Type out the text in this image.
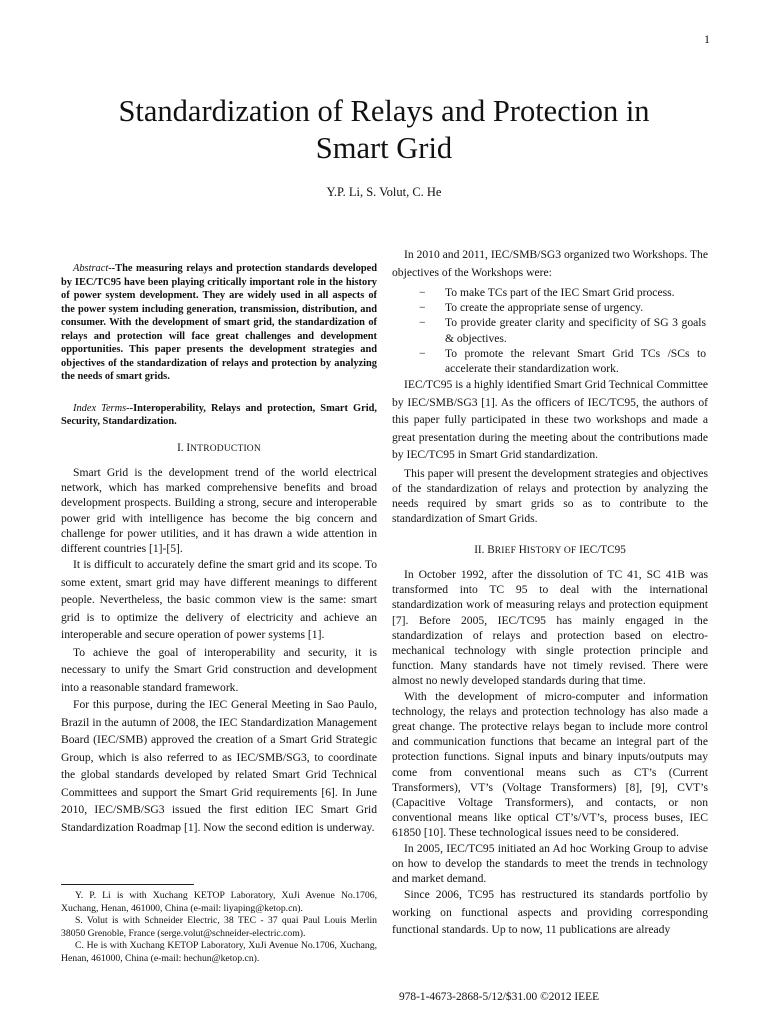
1
Standardization of Relays and Protection in
Smart Grid
Y.P. Li, S. Volut, C. He

Abstract--The measuring relays and protection standards developed by IEC/TC95 have been playing critically important role in the history of power system development. They are widely used in all aspects of the power system including generation, transmission, distribution, and consumer. With the development of smart grid, the standardization of relays and protection will face great challenges and development opportunities. This paper presents the development strategies and objectives of the standardization of relays and protection by analyzing the needs of smart grids.

Index Terms--Interoperability, Relays and protection, Smart Grid, Security, Standardization.

I. INTRODUCTION

Smart Grid is the development trend of the world electrical network, which has marked comprehensive benefits and broad development prospects. Building a strong, secure and interoperable power grid with intelligence has become the big concern and challenge for power utilities, and it has drawn a wide attention in different countries [1]-[5].

It is difficult to accurately define the smart grid and its scope. To some extent, smart grid may have different meanings to different people. Nevertheless, the basic common view is the same: smart grid is to optimize the delivery of electricity and achieve an interoperable and secure operation of power systems [1].

To achieve the goal of interoperability and security, it is necessary to unify the Smart Grid construction and development into a reasonable standard framework.

For this purpose, during the IEC General Meeting in Sao Paulo, Brazil in the autumn of 2008, the IEC Standardization Management Board (IEC/SMB) approved the creation of a Smart Grid Strategic Group, which is also referred to as IEC/SMB/SG3, to coordinate the global standards developed by related Smart Grid Technical Committees and support the Smart Grid requirements [6]. In June 2010, IEC/SMB/SG3 issued the first edition IEC Smart Grid Standardization Roadmap [1]. Now the second edition is underway.

In 2010 and 2011, IEC/SMB/SG3 organized two Workshops. The objectives of the Workshops were:

− To make TCs part of the IEC Smart Grid process.
− To create the appropriate sense of urgency.
− To provide greater clarity and specificity of SG 3 goals & objectives.
− To promote the relevant Smart Grid TCs /SCs to accelerate their standardization work.

IEC/TC95 is a highly identified Smart Grid Technical Committee by IEC/SMB/SG3 [1]. As the officers of IEC/TC95, the authors of this paper fully participated in these two workshops and made a great presentation during the meeting about the contributions made by IEC/TC95 in Smart Grid standardization.

This paper will present the development strategies and objectives of the standardization of relays and protection by analyzing the needs required by smart grids so as to contribute to the standardization of Smart Grids.

II. BRIEF HISTORY OF IEC/TC95

In October 1992, after the dissolution of TC 41, SC 41B was transformed into TC 95 to deal with the international standardization work of measuring relays and protection equipment [7]. Before 2005, IEC/TC95 has mainly engaged in the standardization of relays and protection based on electro-mechanical technology with single protection principle and function. Many standards have not timely revised. There were almost no newly developed standards during that time.

With the development of micro-computer and information technology, the relays and protection technology has also made a great change. The protective relays began to include more control and communication functions that became an integral part of the protection functions. Signal inputs and binary inputs/outputs may come from conventional means such as CT’s (Current Transformers), VT’s (Voltage Transformers) [8], [9], CVT’s (Capacitive Voltage Transformers), and contacts, or non conventional means like optical CT’s/VT’s, process buses, IEC 61850 [10]. These technological issues need to be considered.

In 2005, IEC/TC95 initiated an Ad hoc Working Group to advise on how to develop the standards to meet the trends in technology and market demand.

Since 2006, TC95 has restructured its standards portfolio by working on functional aspects and providing corresponding functional standards. Up to now, 11 publications are already

Y. P. Li is with Xuchang KETOP Laboratory, XuJi Avenue No.1706, Xuchang, Henan, 461000, China (e-mail: liyaping@ketop.cn).

S. Volut is with Schneider Electric, 38 TEC - 37 quai Paul Louis Merlin 38050 Grenoble, France (serge.volut@schneider-electric.com).

C. He is with Xuchang KETOP Laboratory, XuJi Avenue No.1706, Xuchang, Henan, 461000, China (e-mail: hechun@ketop.cn).

978-1-4673-2868-5/12/$31.00 ©2012 IEEE
